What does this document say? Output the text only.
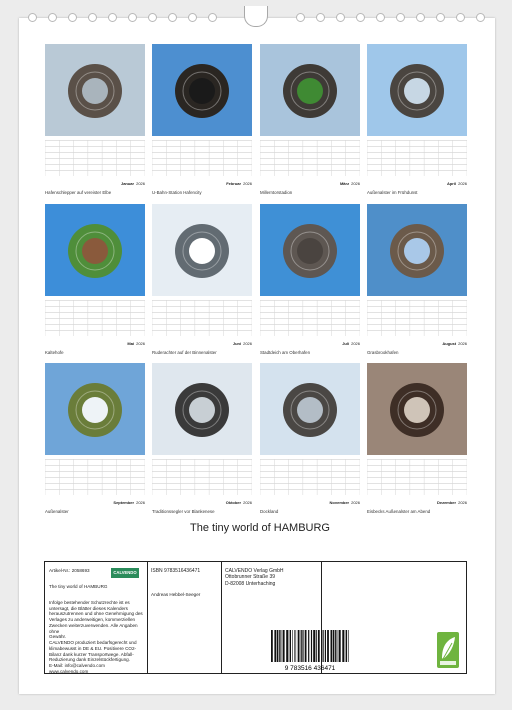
Januar 2026
Hafenschlepper auf vereister Elbe
Februar 2026
U-Bahn-Station Hafencity
März 2026
Millerntorstadion
April 2026
Außenalster im Frühdunst
Mai 2026
Kaltehofe
Juni 2026
Ruderachter auf der Binnenalster
Juli 2026
Stadtdeich am Oberhafen
August 2026
Grasbrookhafen
September 2026
Außenalster
Oktober 2026
Traditionssegler vor Blankenese
November 2026
Dockland
Dezember 2026
Eisbecks Außenalster am Abend
The tiny world of HAMBURG
Artikel-Nr.: 2058693	CALVENDO
The tiny world of HAMBURG
Infolge bestehender Schutzrechte ist es
untersagt, die Blätter dieses Kalenders
herauszutrennen und ohne Genehmigung des
Verlages zu anderweitigen, kommerziellen
Zwecken weiterzuverwenden. Alle Angaben ohne
Gewähr.
CALVENDO produziert bedarfsgerecht und
klimabewusst in DE & EU. Positivere CO2-
Bilanz dank kurzer Transportwege. Abfall-
Reduzierung dank Einzelstückfertigung.
E-Mail: info@calvendo.com
www.calvendo.com
ISBN 9783516436471
Andreas Hebbel-Seeger
CALVENDO Verlag GmbH
Ottobrunner Straße 39
D-82008 Unterhaching
9 783516 436471
